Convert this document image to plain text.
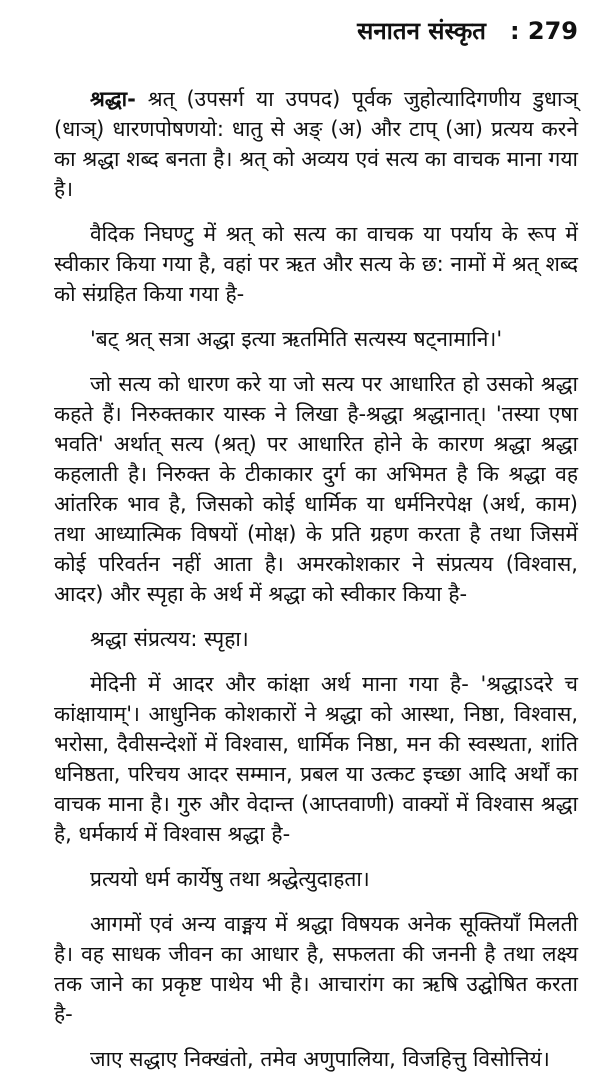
सनातन संस्कृत : 279

श्रद्धा- श्रत् (उपसर्ग या उपपद) पूर्वक जुहोत्यादिगणीय डुधाञ् (धाञ्) धारणपोषणयो: धातु से अङ् (अ) और टाप् (आ) प्रत्यय करने का श्रद्धा शब्द बनता है। श्रत् को अव्यय एवं सत्य का वाचक माना गया है।

वैदिक निघण्टु में श्रत् को सत्य का वाचक या पर्याय के रूप में स्वीकार किया गया है, वहां पर ऋत और सत्य के छ: नामों में श्रत् शब्द को संग्रहित किया गया है-

'बट् श्रत् सत्रा अद्धा इत्या ऋतमिति सत्यस्य षट्नामानि।'

जो सत्य को धारण करे या जो सत्य पर आधारित हो उसको श्रद्धा कहते हैं। निरुक्तकार यास्क ने लिखा है-श्रद्धा श्रद्धानात्। 'तस्या एषा भवति' अर्थात् सत्य (श्रत्) पर आधारित होने के कारण श्रद्धा श्रद्धा कहलाती है। निरुक्त के टीकाकार दुर्ग का अभिमत है कि श्रद्धा वह आंतरिक भाव है, जिसको कोई धार्मिक या धर्मनिरपेक्ष (अर्थ, काम) तथा आध्यात्मिक विषयों (मोक्ष) के प्रति ग्रहण करता है तथा जिसमें कोई परिवर्तन नहीं आता है। अमरकोशकार ने संप्रत्यय (विश्वास, आदर) और स्पृहा के अर्थ में श्रद्धा को स्वीकार किया है-

श्रद्धा संप्रत्यय: स्पृहा।

मेदिनी में आदर और कांक्षा अर्थ माना गया है- 'श्रद्धाऽदरे च कांक्षायाम्'। आधुनिक कोशकारों ने श्रद्धा को आस्था, निष्ठा, विश्वास, भरोसा, दैवीसन्देशों में विश्वास, धार्मिक निष्ठा, मन की स्वस्थता, शांति धनिष्ठता, परिचय आदर सम्मान, प्रबल या उत्कट इच्छा आदि अर्थों का वाचक माना है। गुरु और वेदान्त (आप्तवाणी) वाक्यों में विश्वास श्रद्धा है, धर्मकार्य में विश्वास श्रद्धा है-

प्रत्ययो धर्म कार्येषु तथा श्रद्धेत्युदाहता।

आगमों एवं अन्य वाङ्मय में श्रद्धा विषयक अनेक सूक्तियाँ मिलती है। वह साधक जीवन का आधार है, सफलता की जननी है तथा लक्ष्य तक जाने का प्रकृष्ट पाथेय भी है। आचारांग का ऋषि उद्घोषित करता है-

जाए सद्धाए निक्खंतो, तमेव अणुपालिया, विजहित्तु विसोत्तियं।
